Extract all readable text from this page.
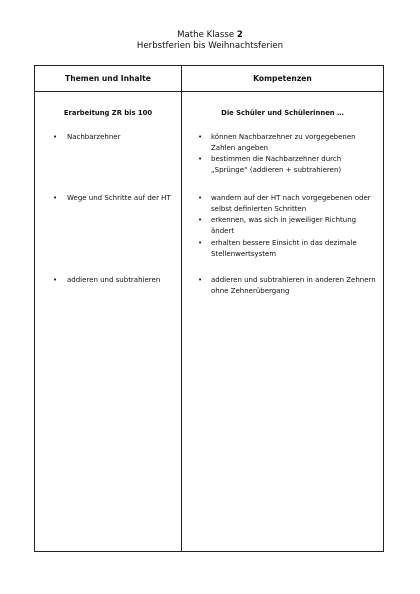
Mathe Klasse 2
Herbstferien bis Weihnachtsferien
Themen und Inhalte	Kompetenzen
Erarbeitung ZR bis 100	Die Schüler und Schülerinnen …
• Nachbarzehner
• Wege und Schritte auf der HT
• addieren und subtrahieren
• können Nachbarzehner zu vorgegebenen Zahlen angeben
• bestimmen die Nachbarzehner durch „Sprünge“ (addieren + subtrahieren)
• wandern auf der HT nach vorgegebenen oder selbst definierten Schritten
• erkennen, was sich in jeweiliger Richtung ändert
• erhalten bessere Einsicht in das dezimale Stellenwertsystem
• addieren und subtrahieren in anderen Zehnern ohne Zehnerübergang
